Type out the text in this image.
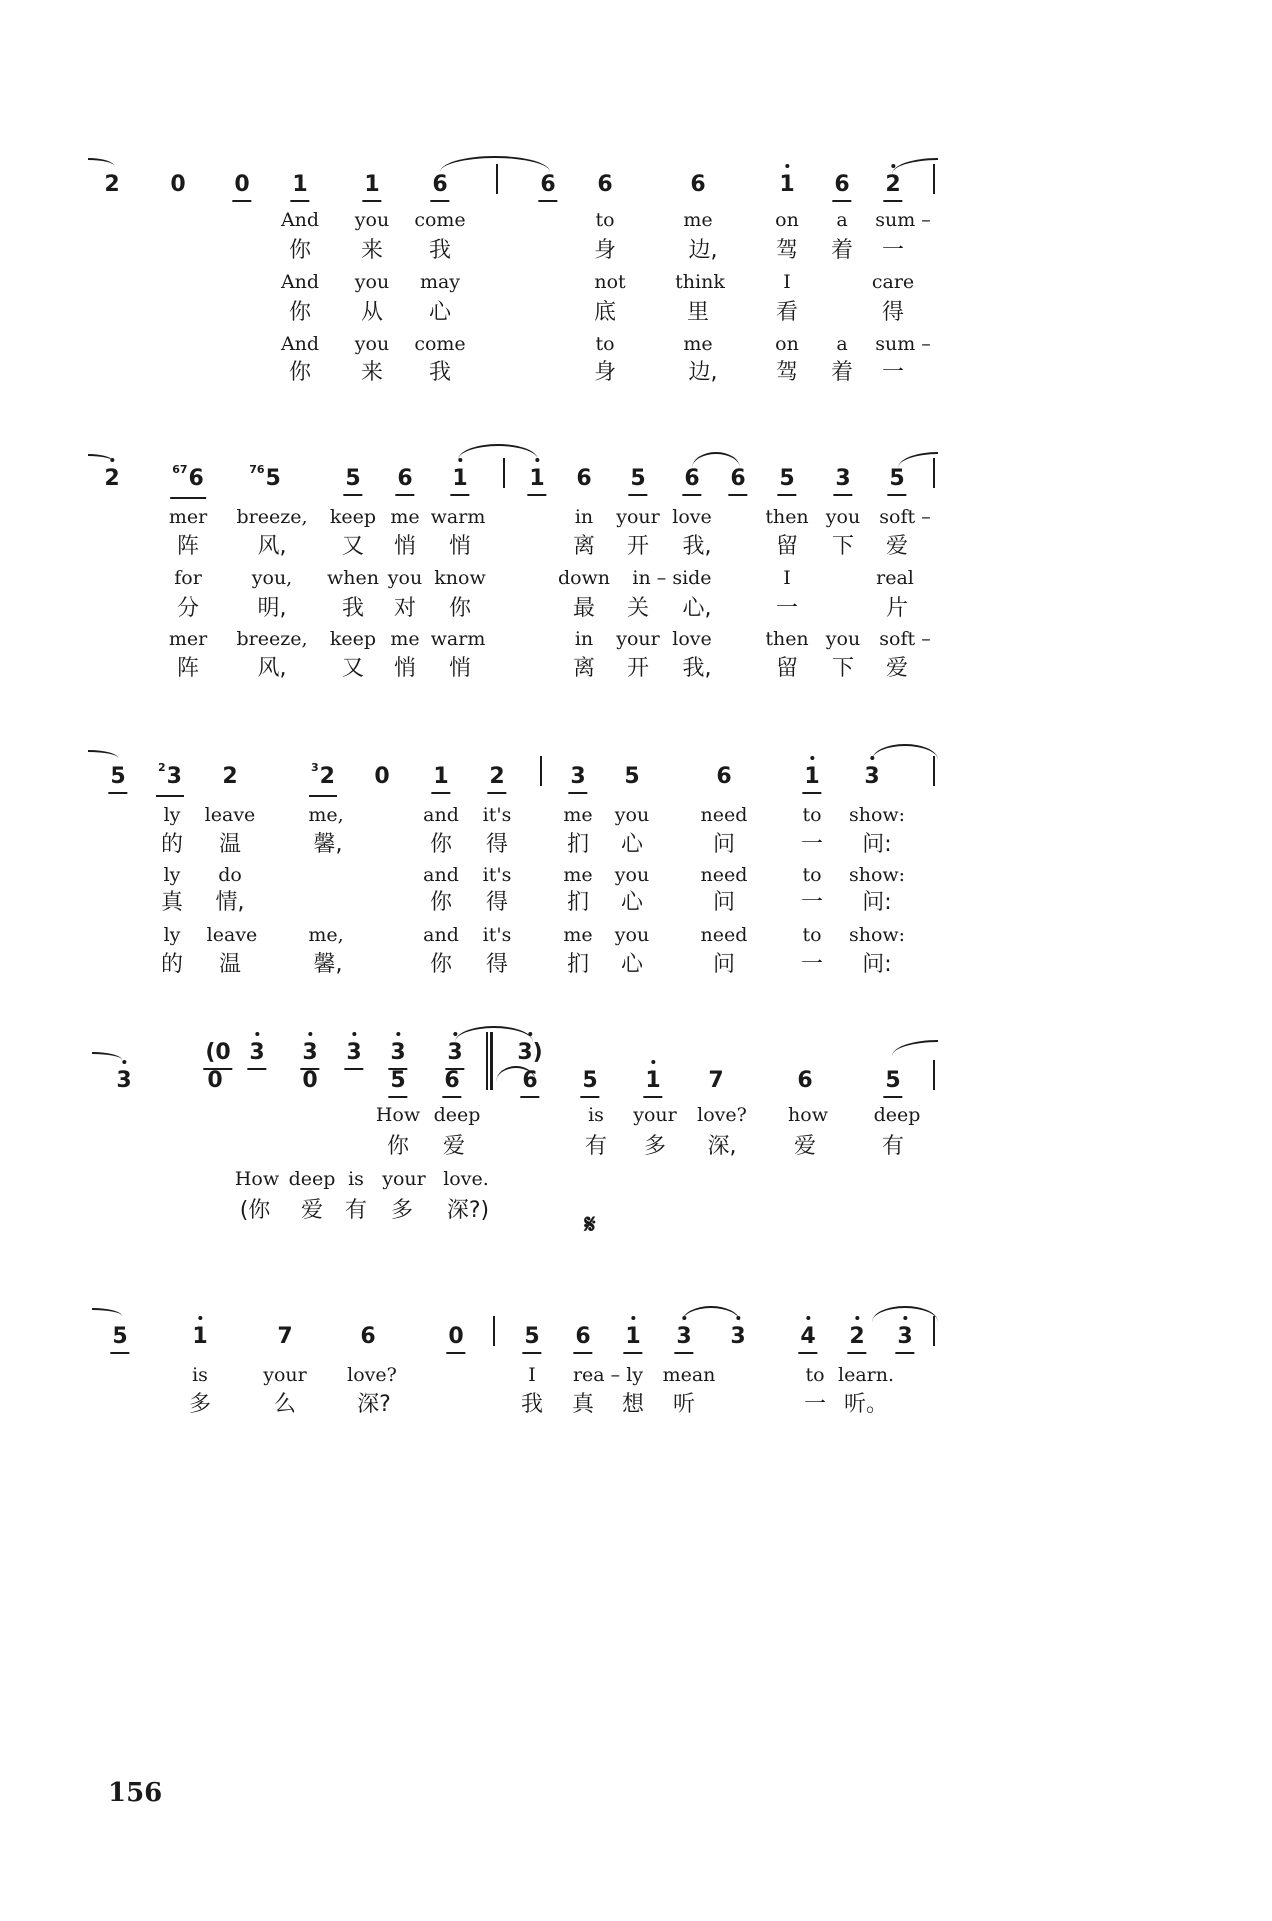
2 0 0 1	1 6	6 6	6	1 6 2
And you come	to	me	on a sum –
你 来 我	身	边,	驾 着 一
And you may	not	think	I	care
你 从 心	底	里	看	得
And you come	to	me	on a sum –
你 来 我	身	边,	驾 着 一
2	$^{67}$6	$^{76}$5	5 6 1	1 6 5 6 6 5 3 5
mer breeze, keep me warm	in your love	then you soft –
阵	风,	又 悄 悄	离 开 我,	留 下 爱
for	you, when you know	down in – side	I	real
分	明,	我 对 你	最 关 心,	一	片
mer breeze, keep me warm	in your love	then you soft –
阵	风,	又 悄 悄	离 开 我,	留 下 爱
5	$^2$3 2	$^3$2 0 1 2	3 5	6	1 3
ly leave	me,	and it's	me you	need	to show:
的 温	馨,	你 得	扪 心	问	一 问:
ly do	and it's	me you	need	to show:
真 情,	你 得	扪 心	问	一 问:
ly leave	me,	and it's	me you	need	to show:
的 温	馨,	你 得	扪 心	问	一 问:
𝄋
(0 3 3 3 3 3 3)
3	0	0	5 6	6 5 1 7	6	5
How deep	is your love? how deep
你 爱	有 多 深,	爱	有
How deep is your love.
(你 爱 有 多 深?)
5	1	7	6	0	5 6 1 3 3 4 2 3
is	your love?	I rea – ly mean	to learn.
多	么	深?	我 真 想 听	一 听。
156
